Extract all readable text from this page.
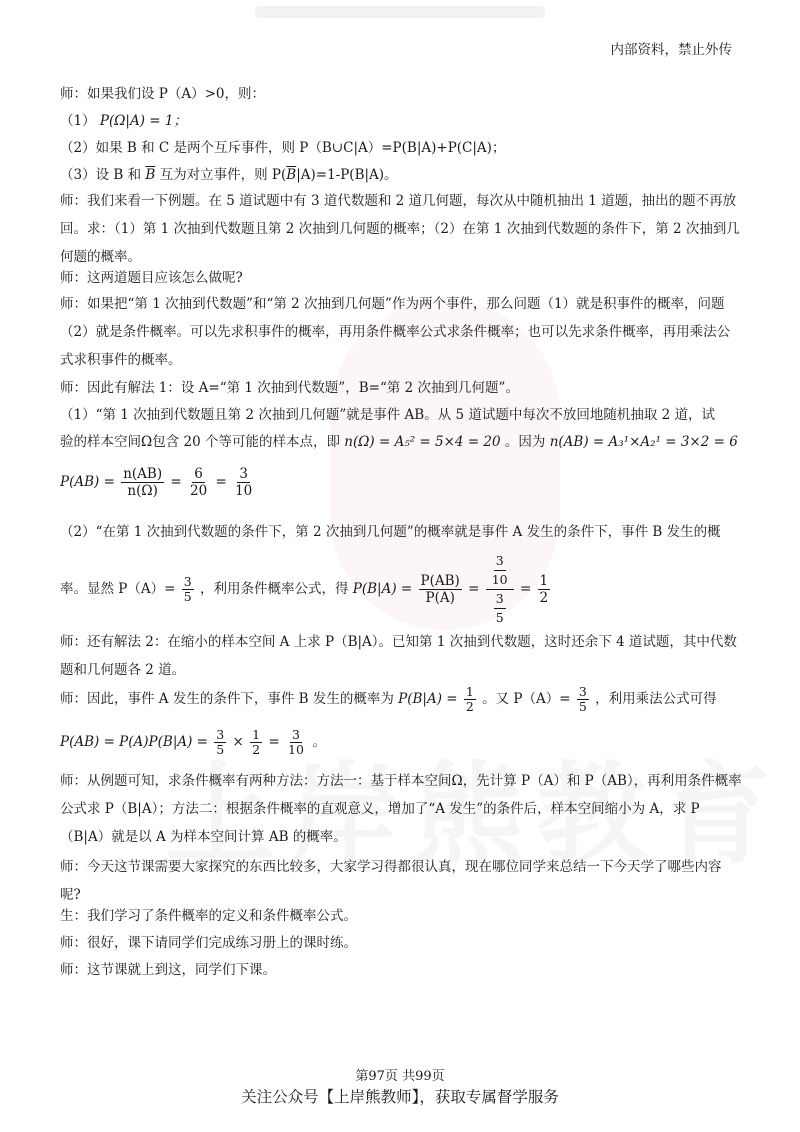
内部资料，禁止外传
师：如果我们设 P（A）>0，则：
（1） P(Ω|A) = 1；
（2）如果 B 和 C 是两个互斥事件，则 P（B∪C|A）=P(B|A)+P(C|A)；
（3）设 B 和 $\overline{B}$ 互为对立事件，则 $P(\overline{B}|A)=1-P(B|A)$。
师：我们来看一下例题。在 5 道试题中有 3 道代数题和 2 道几何题，每次从中随机抽出 1 道题，抽出的题不再放回。求：（1）第 1 次抽到代数题且第 2 次抽到几何题的概率；（2）在第 1 次抽到代数题的条件下，第 2 次抽到几何题的概率。
师：这两道题目应该怎么做呢?
师：如果把“第 1 次抽到代数题”和“第 2 次抽到几何题”作为两个事件，那么问题（1）就是积事件的概率，问题（2）就是条件概率。可以先求积事件的概率，再用条件概率公式求条件概率；也可以先求条件概率，再用乘法公式求积事件的概率。
师：因此有解法 1：设 A=“第 1 次抽到代数题”，B=“第 2 次抽到几何题”。
（1）“第 1 次抽到代数题且第 2 次抽到几何题”就是事件 AB。从 5 道试题中每次不放回地随机抽取 2 道，试
验的样本空间Ω包含 20 个等可能的样本点，即 n(Ω) = A₅² = 5×4 = 20 。因为 n(AB) = A₃¹×A₂¹ = 3×2 = 6
$P(AB) = \frac{n(AB)}{n(\Omega)} = \frac{6}{20} = \frac{3}{10}$
（2）“在第 1 次抽到代数题的条件下，第 2 次抽到几何题”的概率就是事件 A 发生的条件下，事件 B 发生的概
率。显然 $P(A)= \frac{3}{5}$ ，利用条件概率公式，得 $P(B|A) = \frac{P(AB)}{P(A)} = \frac{\frac{3}{10}}{\frac{3}{5}} = \frac{1}{2}$
师：还有解法 2：在缩小的样本空间 A 上求 P（B|A）。已知第 1 次抽到代数题，这时还余下 4 道试题，其中代数题和几何题各 2 道。
师：因此，事件 A 发生的条件下，事件 B 发生的概率为 $P(B|A) = \frac{1}{2}$ 。又 $P(A)= \frac{3}{5}$ ，利用乘法公式可得
$P(AB) = P(A)P(B|A) = \frac{3}{5} \times \frac{1}{2} = \frac{3}{10}$ 。
师：从例题可知，求条件概率有两种方法：方法一：基于样本空间Ω，先计算 P（A）和 P（AB），再利用条件概率公式求 P（B|A）；方法二：根据条件概率的直观意义，增加了“A 发生”的条件后，样本空间缩小为 A，求 P（B|A）就是以 A 为样本空间计算 AB 的概率。
师：今天这节课需要大家探究的东西比较多，大家学习得都很认真，现在哪位同学来总结一下今天学了哪些内容呢?
生：我们学习了条件概率的定义和条件概率公式。
师：很好，课下请同学们完成练习册上的课时练。
师：这节课就上到这，同学们下课。
第97页 共99页
关注公众号【上岸熊教师】，获取专属督学服务
